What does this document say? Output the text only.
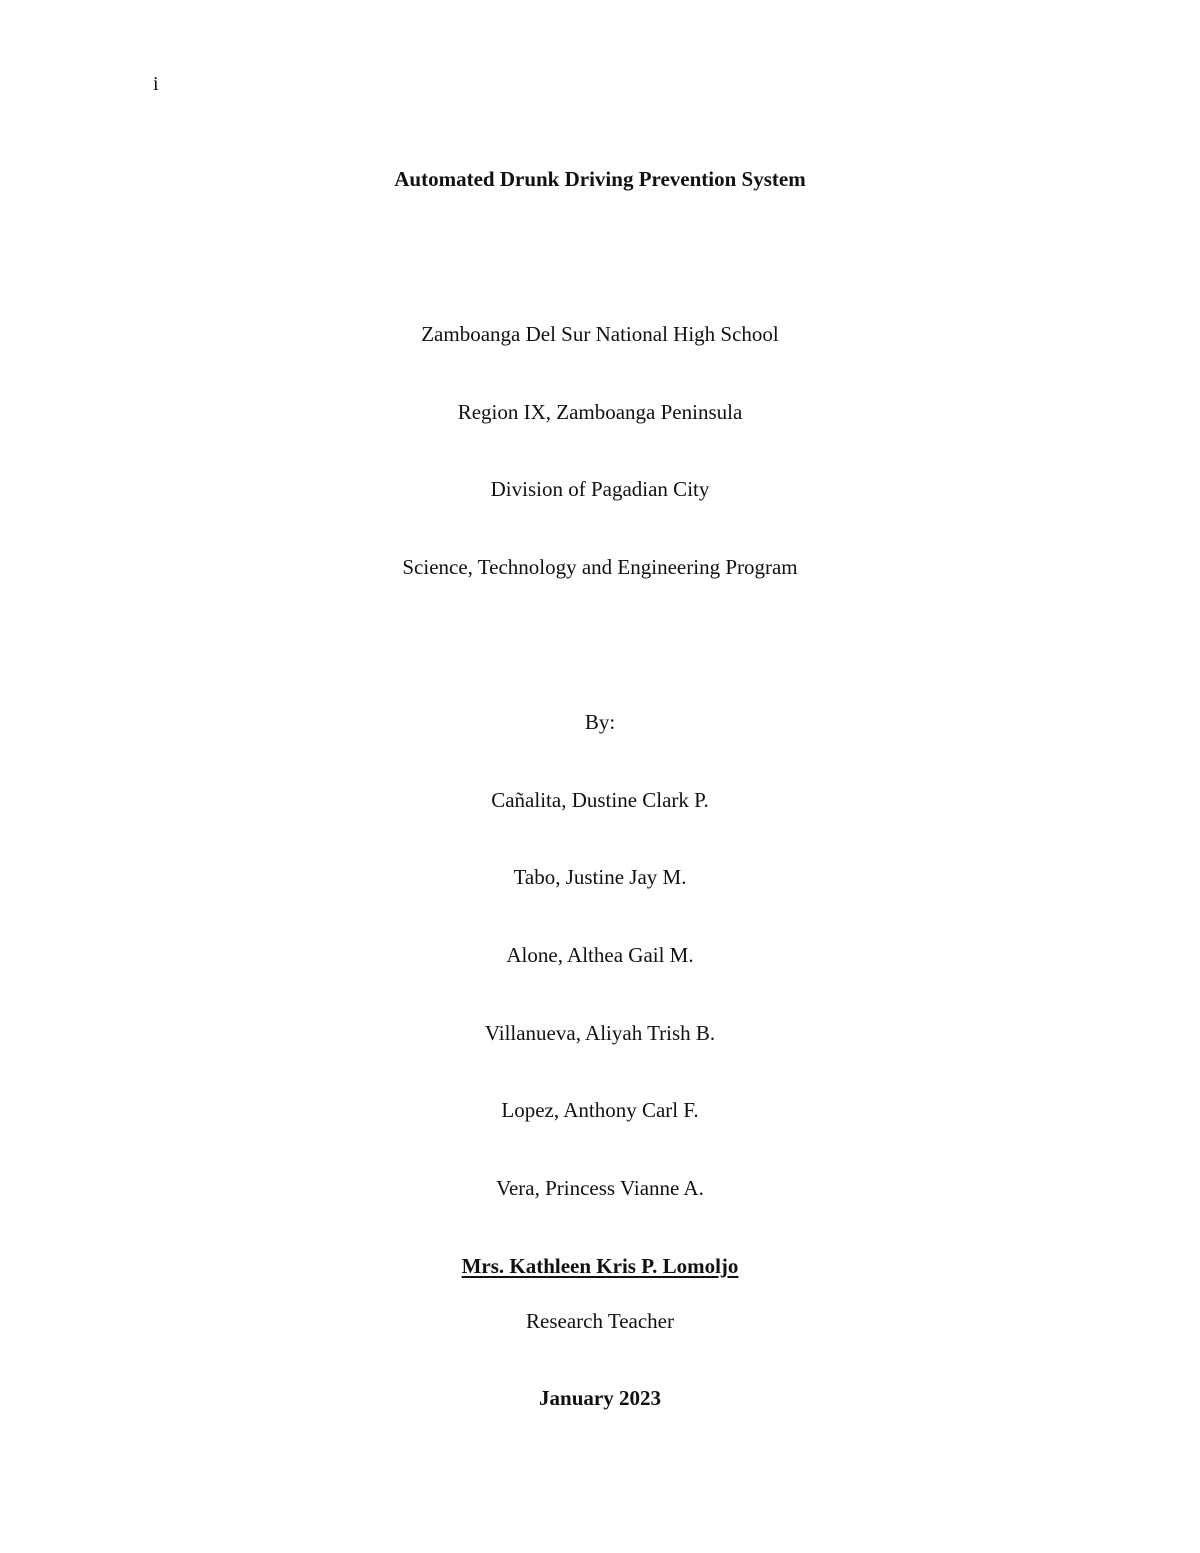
i
Automated Drunk Driving Prevention System
Zamboanga Del Sur National High School
Region IX, Zamboanga Peninsula
Division of Pagadian City
Science, Technology and Engineering Program
By:
Cañalita, Dustine Clark P.
Tabo, Justine Jay M.
Alone, Althea Gail M.
Villanueva, Aliyah Trish B.
Lopez, Anthony Carl F.
Vera, Princess Vianne A.
Mrs. Kathleen Kris P. Lomoljo
Research Teacher
January 2023
